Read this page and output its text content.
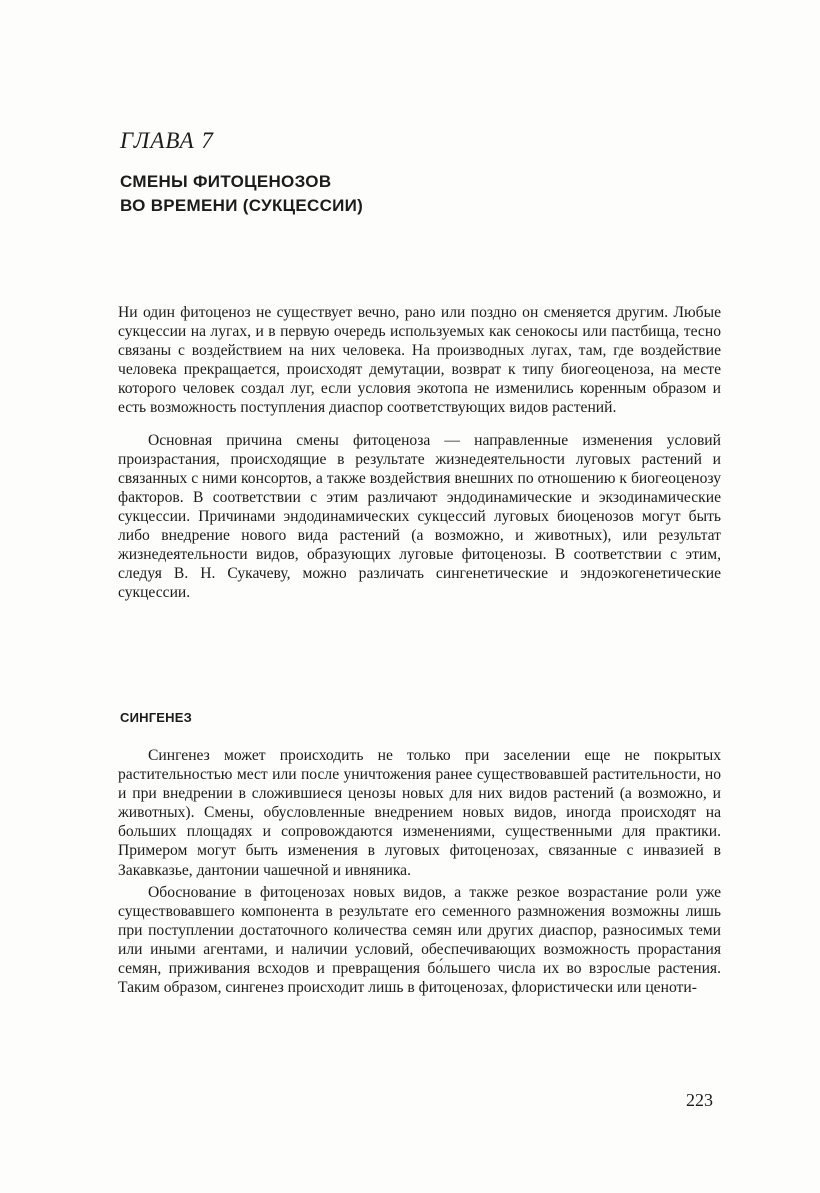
ГЛАВА 7
СМЕНЫ ФИТОЦЕНОЗОВ
ВО ВРЕМЕНИ (СУКЦЕССИИ)

Ни один фитоценоз не существует вечно, рано или поздно он сменяется другим. Любые сукцессии на лугах, и в первую очередь используемых как сенокосы или пастбища, тесно связаны с воздействием на них человека. На производных лугах, там, где воздействие человека прекращается, происходят демутации, возврат к типу биогеоценоза, на месте которого человек создал луг, если условия экотопа не изменились коренным образом и есть возможность поступления диаспор соответствующих видов растений.

Основная причина смены фитоценоза — направленные изменения условий произрастания, происходящие в результате жизнедеятельности луговых растений и связанных с ними консортов, а также воздействия внешних по отношению к биогеоценозу факторов. В соответствии с этим различают эндодинамические и экзодинамические сукцессии. Причинами эндодинамических сукцессий луговых биоценозов могут быть либо внедрение нового вида растений (а возможно, и животных), или результат жизнедеятельности видов, образующих луговые фитоценозы. В соответствии с этим, следуя В. Н. Сукачеву, можно различать сингенетические и эндоэкогенетические сукцессии.

СИНГЕНЕЗ

Сингенез может происходить не только при заселении еще не покрытых растительностью мест или после уничтожения ранее существовавшей растительности, но и при внедрении в сложившиеся ценозы новых для них видов растений (а возможно, и животных). Смены, обусловленные внедрением новых видов, иногда происходят на больших площадях и сопровождаются изменениями, существенными для практики. Примером могут быть изменения в луговых фитоценозах, связанные с инвазией в Закавказье, дантонии чашечной и ивняника.

Обоснование в фитоценозах новых видов, а также резкое возрастание роли уже существовавшего компонента в результате его семенного размножения возможны лишь при поступлении достаточного количества семян или других диаспор, разносимых теми или иными агентами, и наличии условий, обеспечивающих возможность прорастания семян, приживания всходов и превращения бо́льшего числа их во взрослые растения. Таким образом, сингенез происходит лишь в фитоценозах, флористически или ценоти-

223
